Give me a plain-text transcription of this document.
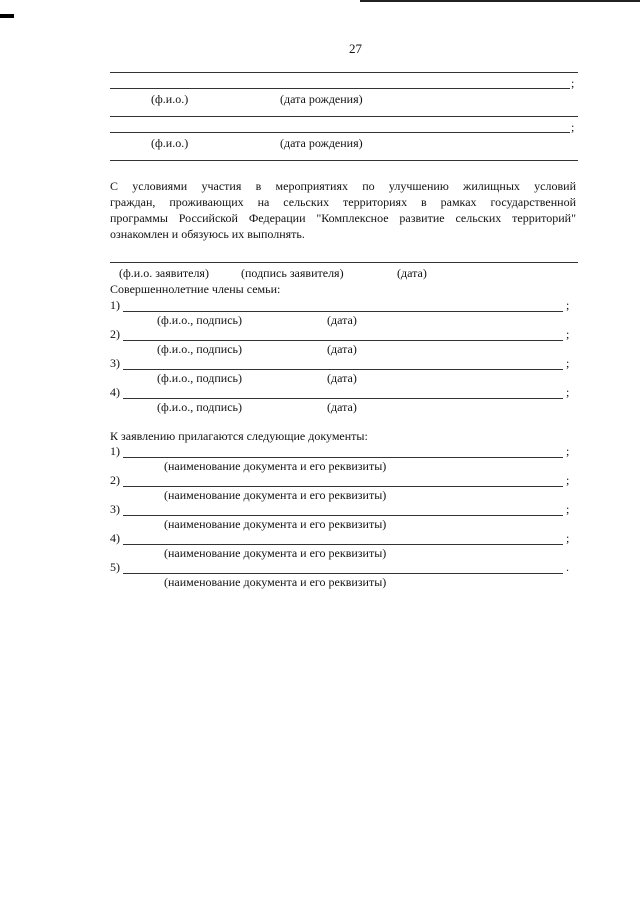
27
;
(ф.и.о.)	(дата рождения)
;
(ф.и.о.)	(дата рождения)
С условиями участия в мероприятиях по улучшению жилищных условий
граждан, проживающих на сельских территориях в рамках государственной
программы Российской Федерации "Комплексное развитие сельских территорий"
ознакомлен и обязуюсь их выполнять.
(ф.и.о. заявителя)	(подпись заявителя)	(дата)
Совершеннолетние члены семьи:
1)	;
(ф.и.о., подпись)	(дата)
2)	;
(ф.и.о., подпись)	(дата)
3)	;
(ф.и.о., подпись)	(дата)
4)	;
(ф.и.о., подпись)	(дата)
К заявлению прилагаются следующие документы:
1)	;
(наименование документа и его реквизиты)
2)	;
(наименование документа и его реквизиты)
3)	;
(наименование документа и его реквизиты)
4)	;
(наименование документа и его реквизиты)
5)	.
(наименование документа и его реквизиты)
